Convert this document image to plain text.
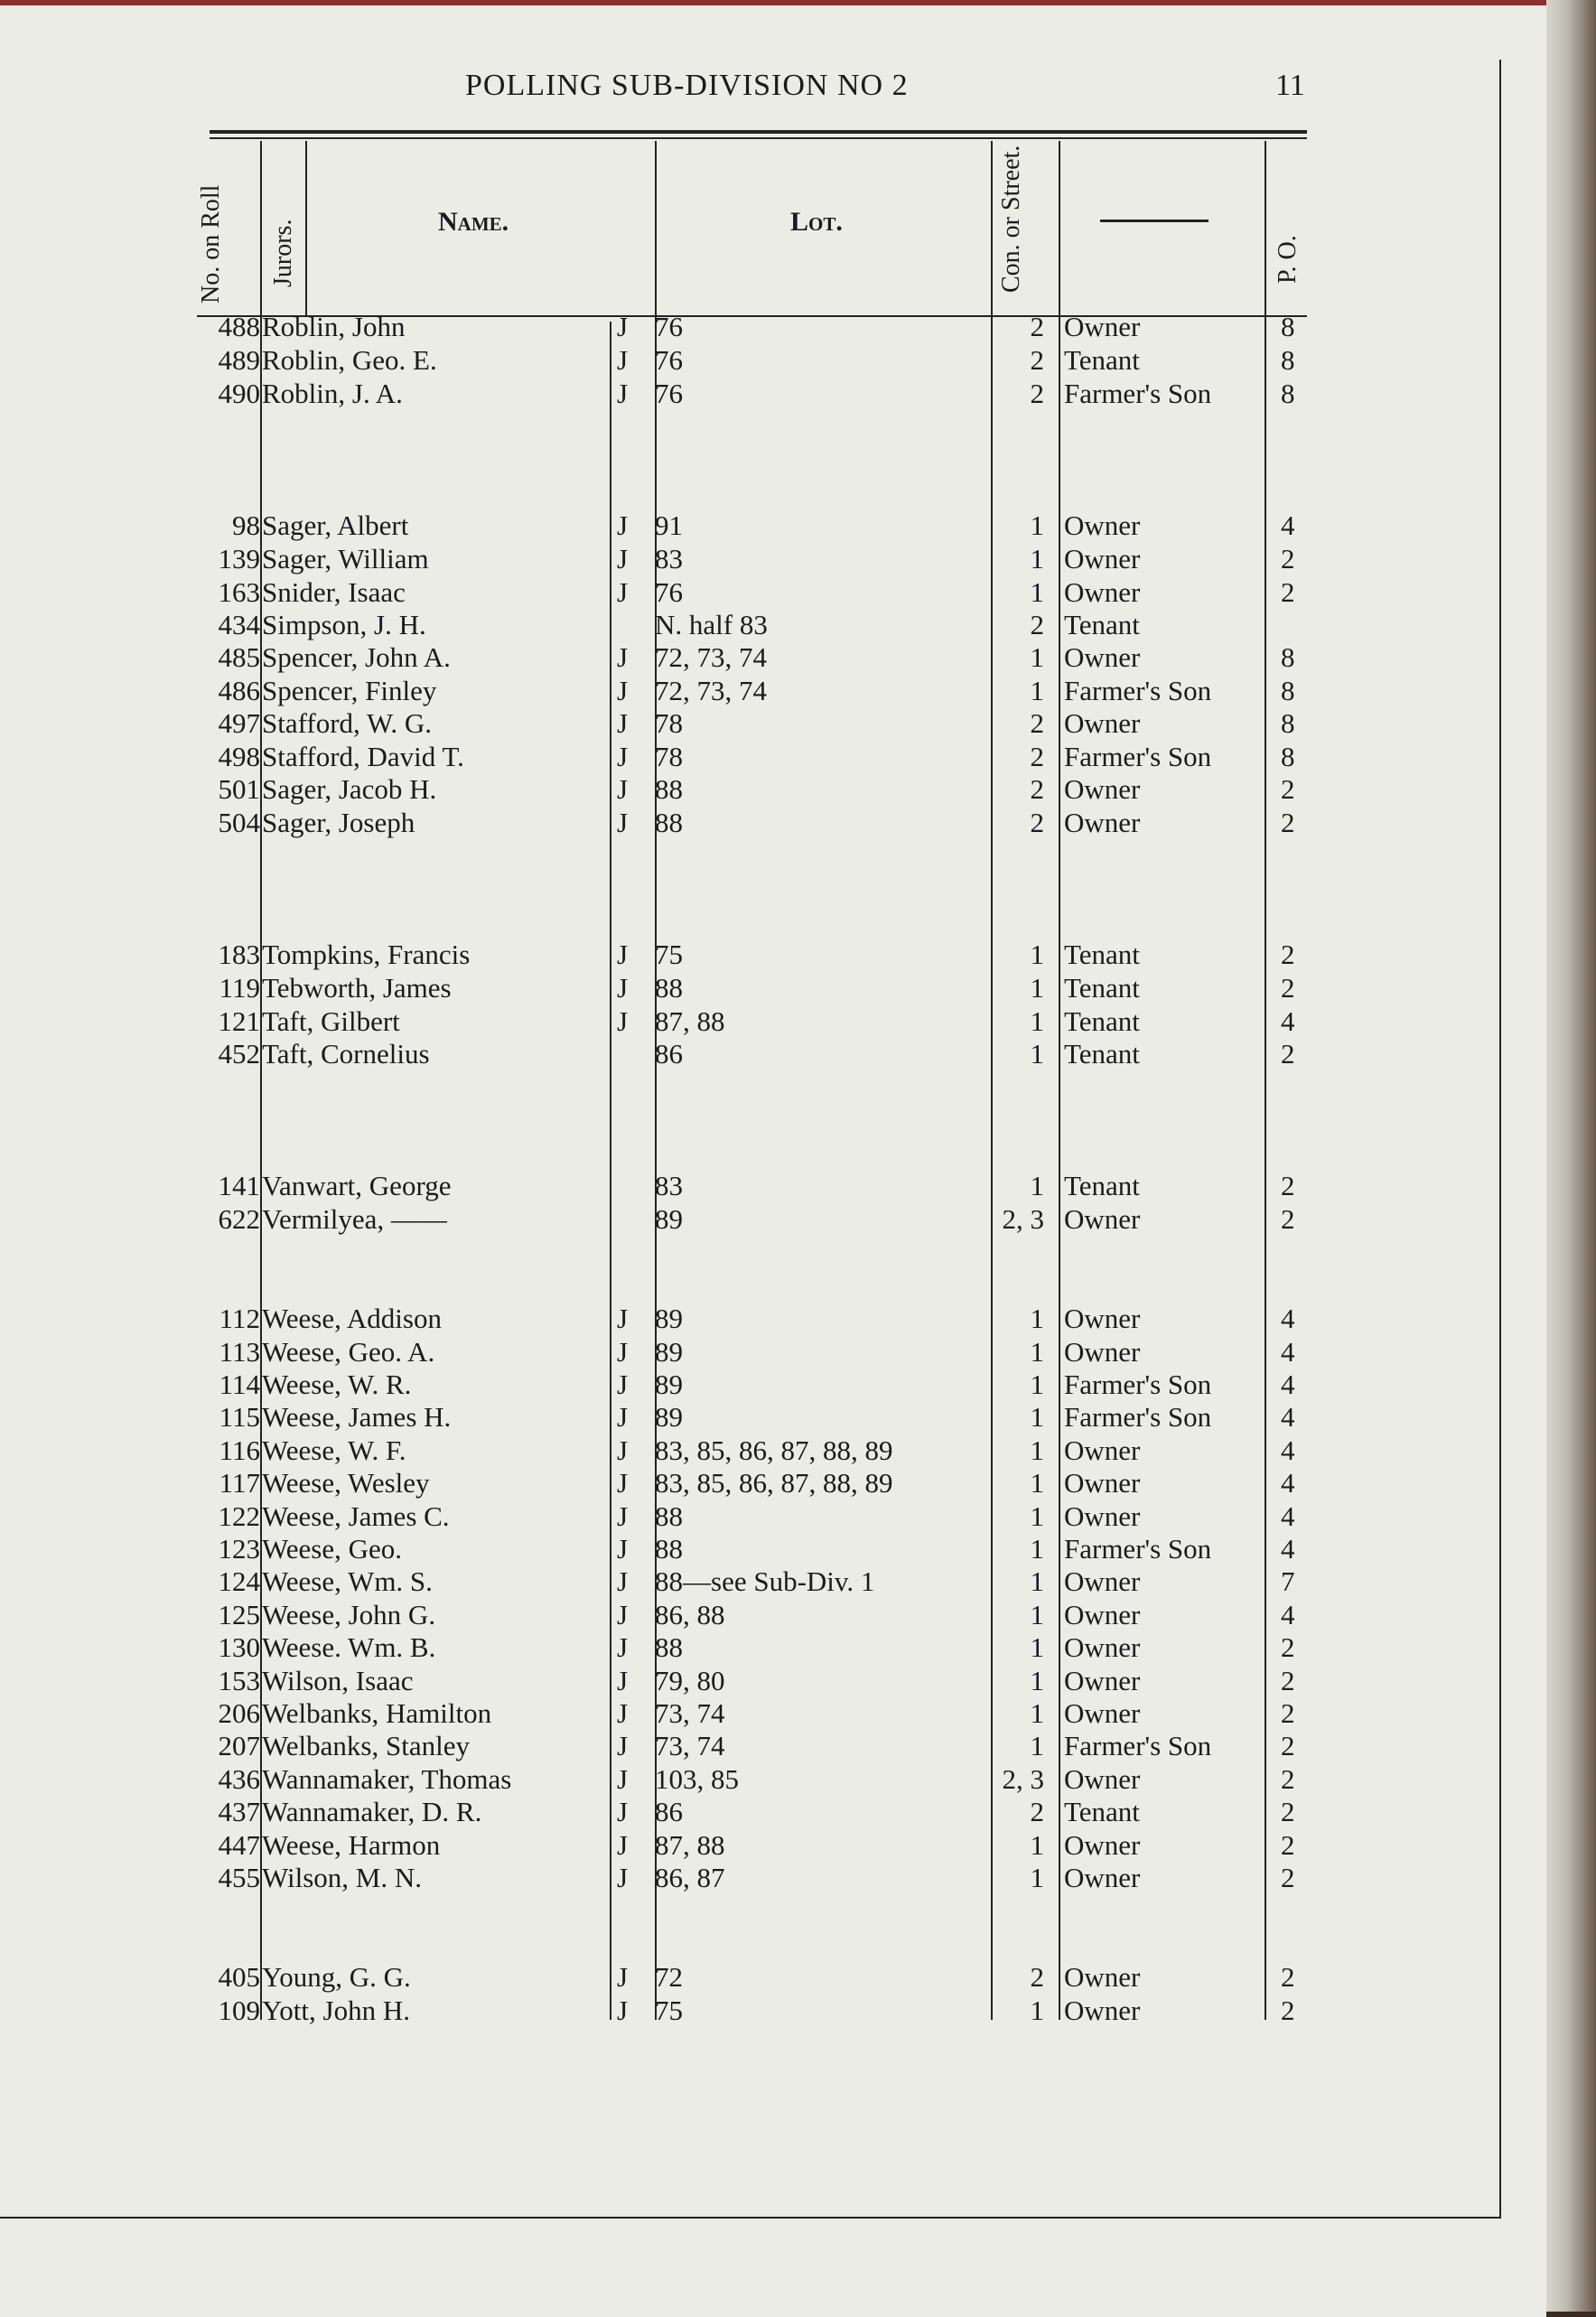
POLLING SUB-DIVISION NO 2	11
No. on Roll Jurors.	Name.	Lot.	Con. or Street.	P. O.
488 Roblin, John	J 76	2 Owner	8
489 Roblin, Geo. E.	J 76	2 Tenant	8
490 Roblin, J. A.	J 76	2 Farmer's Son 8
98 Sager, Albert	J 91	1 Owner	4
139 Sager, William	J 83	1 Owner	2
163 Snider, Isaac	J 76	1 Owner	2
434 Simpson, J. H.	N. half 83	2 Tenant
485 Spencer, John A.	J 72, 73, 74	1 Owner	8
486 Spencer, Finley	J 72, 73, 74	1 Farmer's Son 8
497 Stafford, W. G.	J 78	2 Owner	8
498 Stafford, David T.	J 78	2 Farmer's Son 8
501 Sager, Jacob H.	J 88	2 Owner	2
504 Sager, Joseph	J 88	2 Owner	2
183 Tompkins, Francis	J 75	1 Tenant	2
119 Tebworth, James	J 88	1 Tenant	2
121 Taft, Gilbert	J 87, 88	1 Tenant	4
452 Taft, Cornelius	86	1 Tenant	2
141 Vanwart, George	83	1 Tenant	2
622 Vermilyea, ——	89	2, 3 Owner	2
112 Weese, Addison	J 89	1 Owner	4
113 Weese, Geo. A.	J 89	1 Owner	4
114 Weese, W. R.	J 89	1 Farmer's Son 4
115 Weese, James H.	J 89	1 Farmer's Son 4
116 Weese, W. F.	J 83, 85, 86, 87, 88, 89	1 Owner	4
117 Weese, Wesley	J 83, 85, 86, 87, 88, 89	1 Owner	4
122 Weese, James C.	J 88	1 Owner	4
123 Weese, Geo.	J 88	1 Farmer's Son 4
124 Weese, Wm. S.	J 88—see Sub-Div. 1	1 Owner	7
125 Weese, John G.	J 86, 88	1 Owner	4
130 Weese. Wm. B.	J 88	1 Owner	2
153 Wilson, Isaac	J 79, 80	1 Owner	2
206 Welbanks, Hamilton	J 73, 74	1 Owner	2
207 Welbanks, Stanley	J 73, 74	1 Farmer's Son 2
436 Wannamaker, Thomas	J 103, 85	2, 3 Owner	2
437 Wannamaker, D. R.	J 86	2 Tenant	2
447 Weese, Harmon	J 87, 88	1 Owner	2
455 Wilson, M. N.	J 86, 87	1 Owner	2
405 Young, G. G.	J 72	2 Owner	2
109 Yott, John H.	J 75	1 Owner	2
